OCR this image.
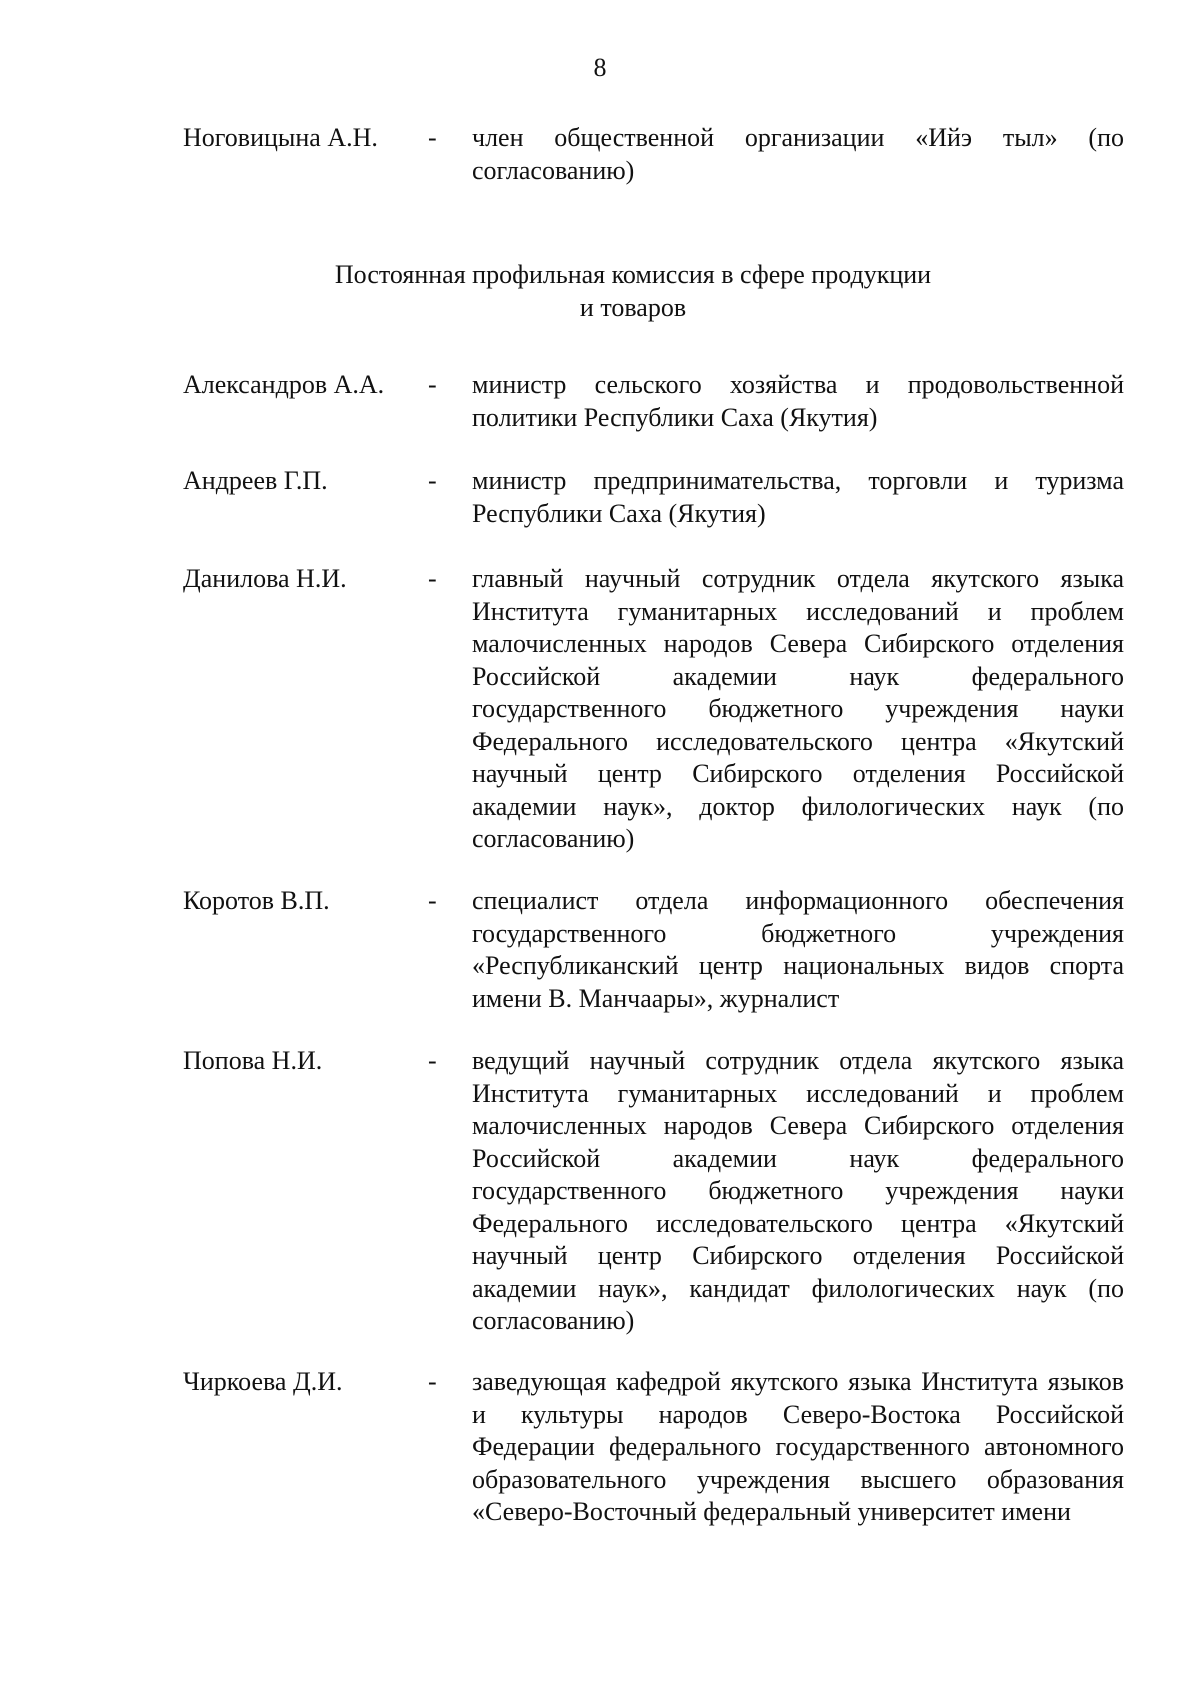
8
Ноговицына А.Н. - член общественной организации «Ийэ тыл» (по согласованию)
Постоянная профильная комиссия в сфере продукции
и товаров
Александров А.А. - министр сельского хозяйства и продовольственной политики Республики Саха (Якутия)
Андреев Г.П.	- министр предпринимательства, торговли и туризма Республики Саха (Якутия)
Данилова Н.И.	- главный научный сотрудник отдела якутского языка Института гуманитарных исследований и проблем малочисленных народов Севера Сибирского отделения Российской академии наук федерального государственного бюджетного учреждения науки Федерального исследовательского центра «Якутский научный центр Сибирского отделения Российской академии наук», доктор филологических наук (по согласованию)
Коротов В.П.	- специалист отдела информационного обеспечения государственного бюджетного учреждения «Республиканский центр национальных видов спорта имени В. Манчаары», журналист
Попова Н.И.	- ведущий научный сотрудник отдела якутского языка Института гуманитарных исследований и проблем малочисленных народов Севера Сибирского отделения Российской академии наук федерального государственного бюджетного учреждения науки Федерального исследовательского центра «Якутский научный центр Сибирского отделения Российской академии наук», кандидат филологических наук (по согласованию)
Чиркоева Д.И.	- заведующая кафедрой якутского языка Института языков и культуры народов Северо-Востока Российской Федерации федерального государственного автономного образовательного учреждения высшего образования «Северо-Восточный федеральный университет имени
